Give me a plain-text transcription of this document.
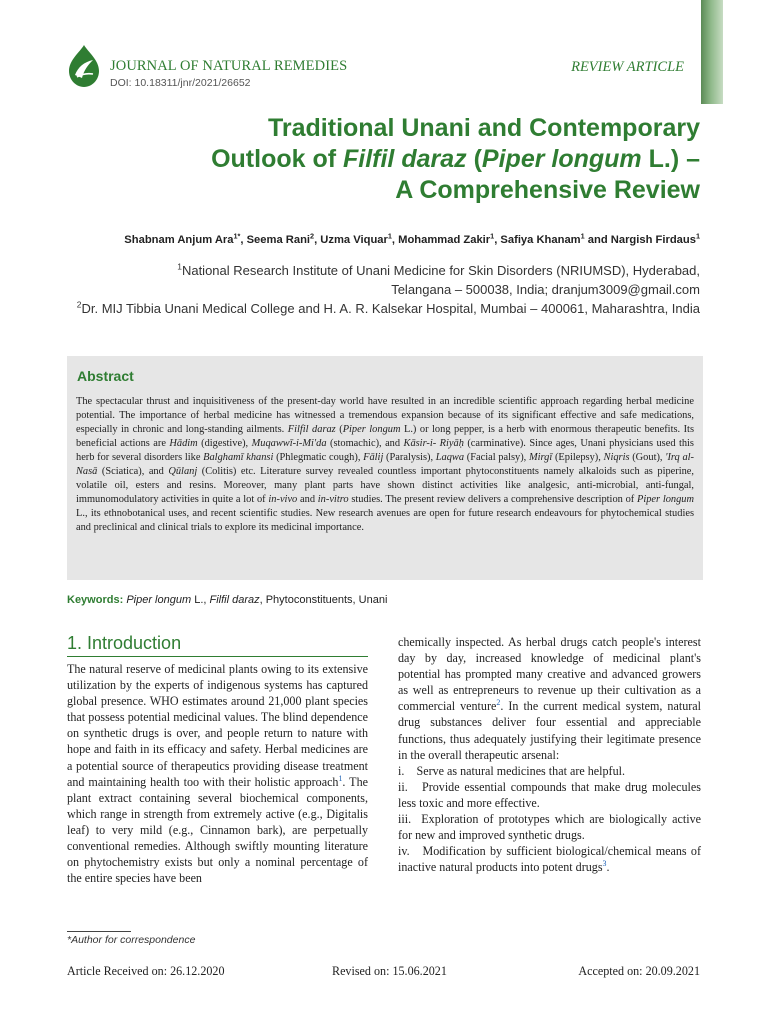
JOURNAL OF NATURAL REMEDIES
DOI: 10.18311/jnr/2021/26652
REVIEW ARTICLE
Traditional Unani and Contemporary
Outlook of Filfil daraz (Piper longum L.) –
A Comprehensive Review
Shabnam Anjum Ara$^{1*}$, Seema Rani$^2$, Uzma Viquar$^1$, Mohammad Zakir$^1$, Safiya Khanam$^1$ and Nargish Firdaus$^1$
$^1$National Research Institute of Unani Medicine for Skin Disorders (NRIUMSD), Hyderabad,
Telangana – 500038, India; dranjum3009@gmail.com
$^2$Dr. MIJ Tibbia Unani Medical College and H. A. R. Kalsekar Hospital, Mumbai – 400061, Maharashtra, India
Abstract

The spectacular thrust and inquisitiveness of the present-day world have resulted in an incredible scientific approach regarding herbal medicine potential. The importance of herbal medicine has witnessed a tremendous expansion because of its significant effective and safe medications, especially in chronic and long-standing ailments. Filfil daraz (Piper longum L.) or long pepper, is a herb with enormous therapeutic benefits. Its beneficial actions are Hādim (digestive), Muqawwī-i-Mi'da (stomachic), and Kāsir-i- Riyāḥ (carminative). Since ages, Unani physicians used this herb for several disorders like Balghamī khansi (Phlegmatic cough), Fālij (Paralysis), Laqwa (Facial palsy), Mirgī (Epilepsy), Niqris (Gout), 'Irq al-Nasā (Sciatica), and Qūlanj (Colitis) etc. Literature survey revealed countless important phytoconstituents namely alkaloids such as piperine, volatile oil, esters and resins. Moreover, many plant parts have shown distinct activities like analgesic, anti-microbial, anti-fungal, immunomodulatory activities in quite a lot of in-vivo and in-vitro studies. The present review delivers a comprehensive description of Piper longum L., its ethnobotanical uses, and recent scientific studies. New research avenues are open for future research endeavours for phytochemical studies and preclinical and clinical trials to explore its medicinal importance.

Keywords: Piper longum L., Filfil daraz, Phytoconstituents, Unani
1. Introduction

The natural reserve of medicinal plants owing to its extensive utilization by the experts of indigenous systems has captured global presence. WHO estimates around 21,000 plant species that possess potential medicinal values. The blind dependence on synthetic drugs is over, and people return to nature with hope and faith in its efficacy and safety. Herbal medicines are a potential source of therapeutics providing disease treatment and maintaining health too with their holistic approach$^1$. The plant extract containing several biochemical components, which range in strength from extremely active (e.g., Digitalis leaf) to very mild (e.g., Cinnamon bark), are perpetually conventional remedies. Although swiftly mounting literature on phytochemistry exists but only a nominal percentage of the entire species have been

chemically inspected. As herbal drugs catch people's interest day by day, increased knowledge of medicinal plant's potential has prompted many creative and advanced growers as well as entrepreneurs to revenue up their cultivation as a commercial venture$^2$. In the current medical system, natural drug substances deliver four essential and appreciable functions, thus adequately justifying their legitimate presence in the overall therapeutic arsenal:

i.    Serve as natural medicines that are helpful.

ii.   Provide essential compounds that make drug molecules less toxic and more effective.

iii.  Exploration of prototypes which are biologically active for new and improved synthetic drugs.

iv.   Modification by sufficient biological/chemical means of inactive natural products into potent drugs$^3$.

*Author for correspondence
Article Received on: 26.12.2020	Revised on: 15.06.2021	Accepted on: 20.09.2021
